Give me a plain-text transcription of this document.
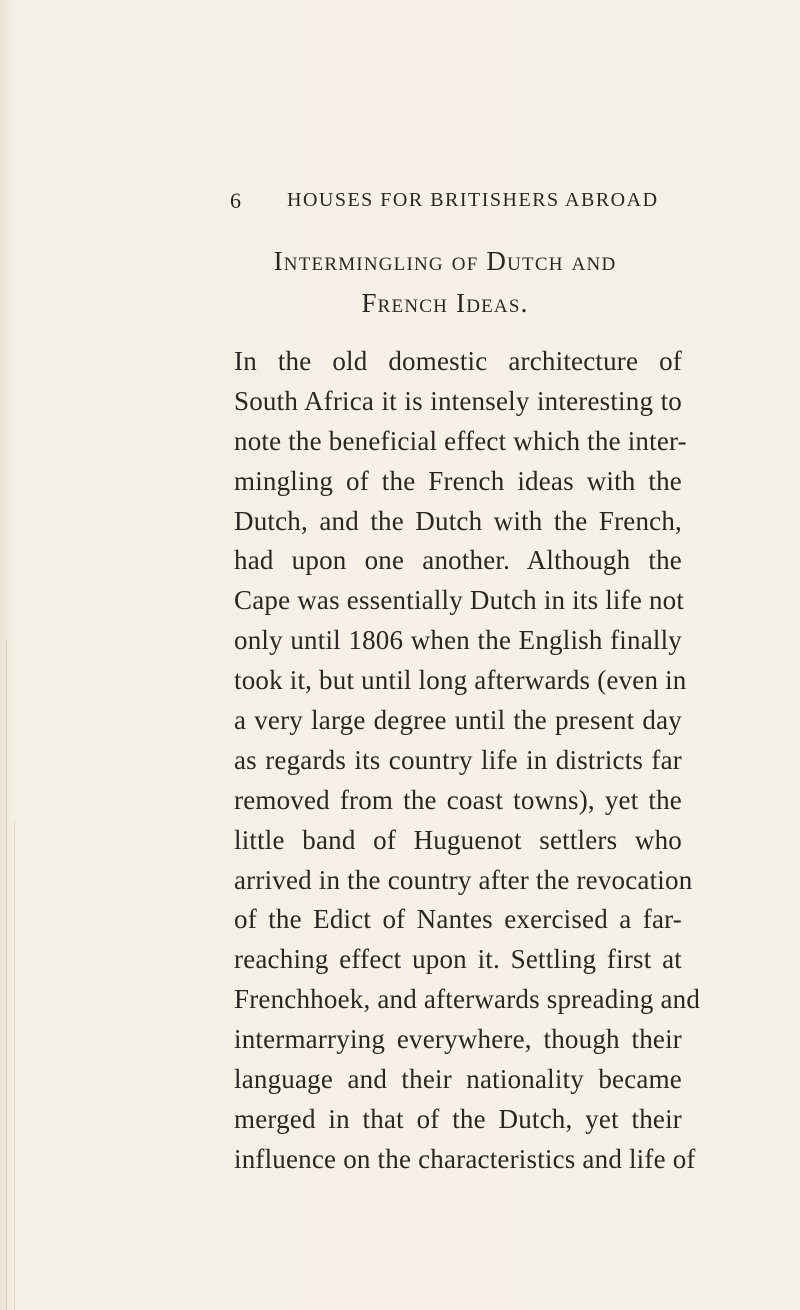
6 HOUSES FOR BRITISHERS ABROAD
Intermingling of Dutch and
French Ideas.
In the old domestic architecture of
South Africa it is intensely interesting to
note the beneficial effect which the inter-
mingling of the French ideas with the
Dutch, and the Dutch with the French,
had upon one another. Although the
Cape was essentially Dutch in its life not
only until 1806 when the English finally
took it, but until long afterwards (even in
a very large degree until the present day
as regards its country life in districts far
removed from the coast towns), yet the
little band of Huguenot settlers who
arrived in the country after the revocation
of the Edict of Nantes exercised a far-
reaching effect upon it. Settling first at
Frenchhoek, and afterwards spreading and
intermarrying everywhere, though their
language and their nationality became
merged in that of the Dutch, yet their
influence on the characteristics and life of
